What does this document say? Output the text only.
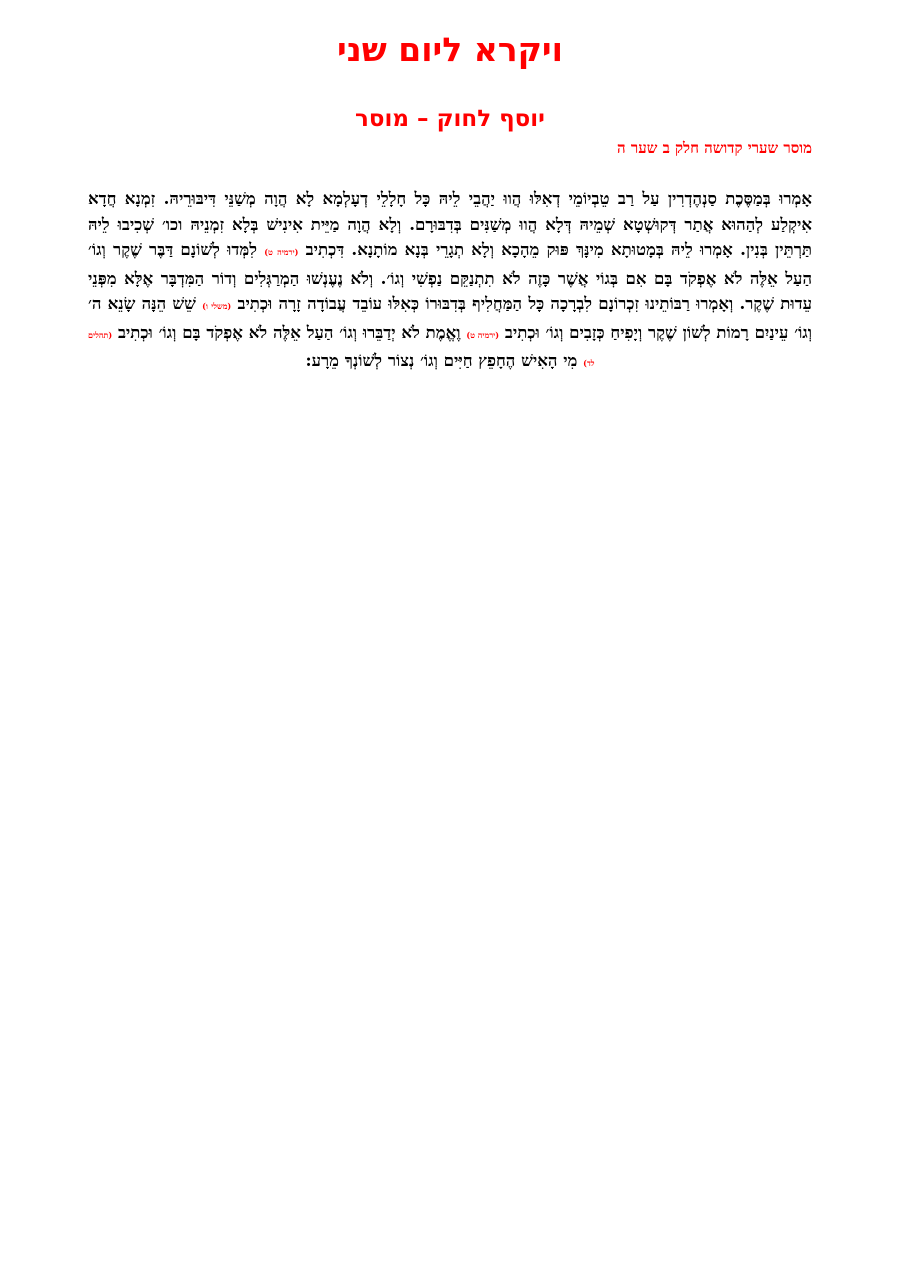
ויקרא ליום שני
יוסף לחוק – מוסר
מוסר שערי קדושה חלק ב שער ה
אָמְרוּ בְּמַסֶּכֶת סַנְהֶדְרִין עַל רַב טֵבְיוֹמֵי דְאִלּוּ הֲווּ יַהֲבֵי לֵיהּ כָּל חָלָלֵי דְעָלְמָא לָא הֲוָה מְשַׁנֵּי דִּיבּוּרֵיהּ. זִמְנָא חֲדָא אִיקְלַע לְהַהוּא אֲתַר דְּקוּשְׁטָא שְׁמֵיהּ דְּלָא הֲווּ מְשַׁנִּים בְּדִבּוּרָם. וְלָא הֲוָה מַיֵּית אִינִישׁ בְּלָא זִמְנֵיהּ וכו׳ שְׁכִיבוּ לֵיהּ תַּרְתֵּין בְּנִין. אָמְרוּ לֵיהּ בְּמָטוּתָא מִינָּךְ פּוּק מֵהָכָא וְלָא תְגָרֵי בְּנָא מוֹתָנָא. דִּכְתִיב (ירמיה ט) לִמְּדוּ לְשׁוֹנָם דַּבֶּר שֶׁקֶר וְגוֹ׳ הַעַל אֵלֶּה לֹא אֶפְקֹד בָּם אִם בְּגוֹי אֲשֶׁר כָּזֶה לֹא תִתְנַקֵּם נַפְשִׁי וְגוֹ׳. וְלֹא נֶעֶנְשׁוּ הַמְרַגְּלִים וְדוֹר הַמִּדְבָּר אֶלָּא מִפְּנֵי עֵדוּת שֶׁקֶר. וְאָמְרוּ רַבּוֹתֵינוּ זִכְרוֹנָם לִבְרָכָה כָּל הַמַּחֲלִיף בְּדִבּוּרוֹ כְּאִלּוּ עוֹבֵד עֲבוֹדָה זָרָה וּכְתִיב (משלי ו) שֵׁשׁ הֵנָּה שָׂנֵא ה׳ וְגוֹ׳ עֵינַיִם רָמוֹת לְשׁוֹן שֶׁקֶר וְיָפִיחַ כְּזָבִים וְגוֹ׳ וּכְתִיב (ירמיה ט) וֶאֱמֶת לֹא יְדַבֵּרוּ וְגוֹ׳ הַעַל אֵלֶּה לֹא אֶפְקֹד בָּם וְגוֹ׳ וּכְתִיב (תהלים לד) מִי הָאִישׁ הֶחָפֵץ חַיִּים וְגוֹ׳ נְצוֹר לְשׁוֹנְךָ מֵרָע:
